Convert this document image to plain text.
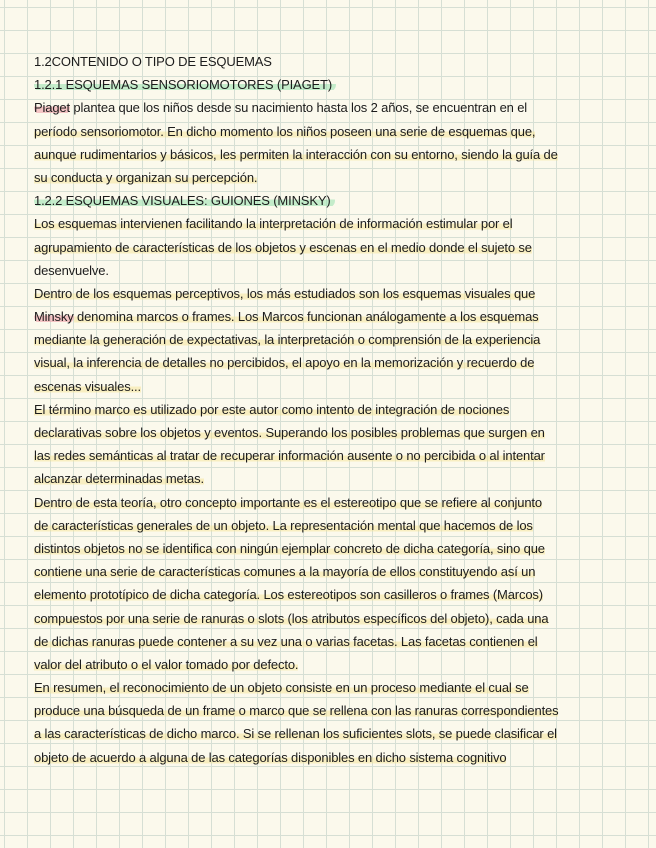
1.2CONTENIDO O TIPO DE ESQUEMAS
1.2.1 ESQUEMAS SENSORIOMOTORES (PIAGET)
Piaget plantea que los niños desde su nacimiento hasta los 2 años, se encuentran en el
período sensoriomotor. En dicho momento los niños poseen una serie de esquemas que,
aunque rudimentarios y básicos, les permiten la interacción con su entorno, siendo la guía de
su conducta y organizan su percepción.
1.2.2 ESQUEMAS VISUALES: GUIONES (MINSKY)
Los esquemas intervienen facilitando la interpretación de información estimular por el
agrupamiento de características de los objetos y escenas en el medio donde el sujeto se
desenvuelve.
Dentro de los esquemas perceptivos, los más estudiados son los esquemas visuales que
Minsky denomina marcos o frames. Los Marcos funcionan análogamente a los esquemas
mediante la generación de expectativas, la interpretación o comprensión de la experiencia
visual, la inferencia de detalles no percibidos, el apoyo en la memorización y recuerdo de
escenas visuales...
El término marco es utilizado por este autor como intento de integración de nociones
declarativas sobre los objetos y eventos. Superando los posibles problemas que surgen en
las redes semánticas al tratar de recuperar información ausente o no percibida o al intentar
alcanzar determinadas metas.
Dentro de esta teoría, otro concepto importante es el estereotipo que se refiere al conjunto
de características generales de un objeto. La representación mental que hacemos de los
distintos objetos no se identifica con ningún ejemplar concreto de dicha categoría, sino que
contiene una serie de características comunes a la mayoría de ellos constituyendo así un
elemento prototípico de dicha categoría. Los estereotipos son casilleros o frames (Marcos)
compuestos por una serie de ranuras o slots (los atributos específicos del objeto), cada una
de dichas ranuras puede contener a su vez una o varias facetas. Las facetas contienen el
valor del atributo o el valor tomado por defecto.
En resumen, el reconocimiento de un objeto consiste en un proceso mediante el cual se
produce una búsqueda de un frame o marco que se rellena con las ranuras correspondientes
a las características de dicho marco. Si se rellenan los suficientes slots, se puede clasificar el
objeto de acuerdo a alguna de las categorías disponibles en dicho sistema cognitivo
